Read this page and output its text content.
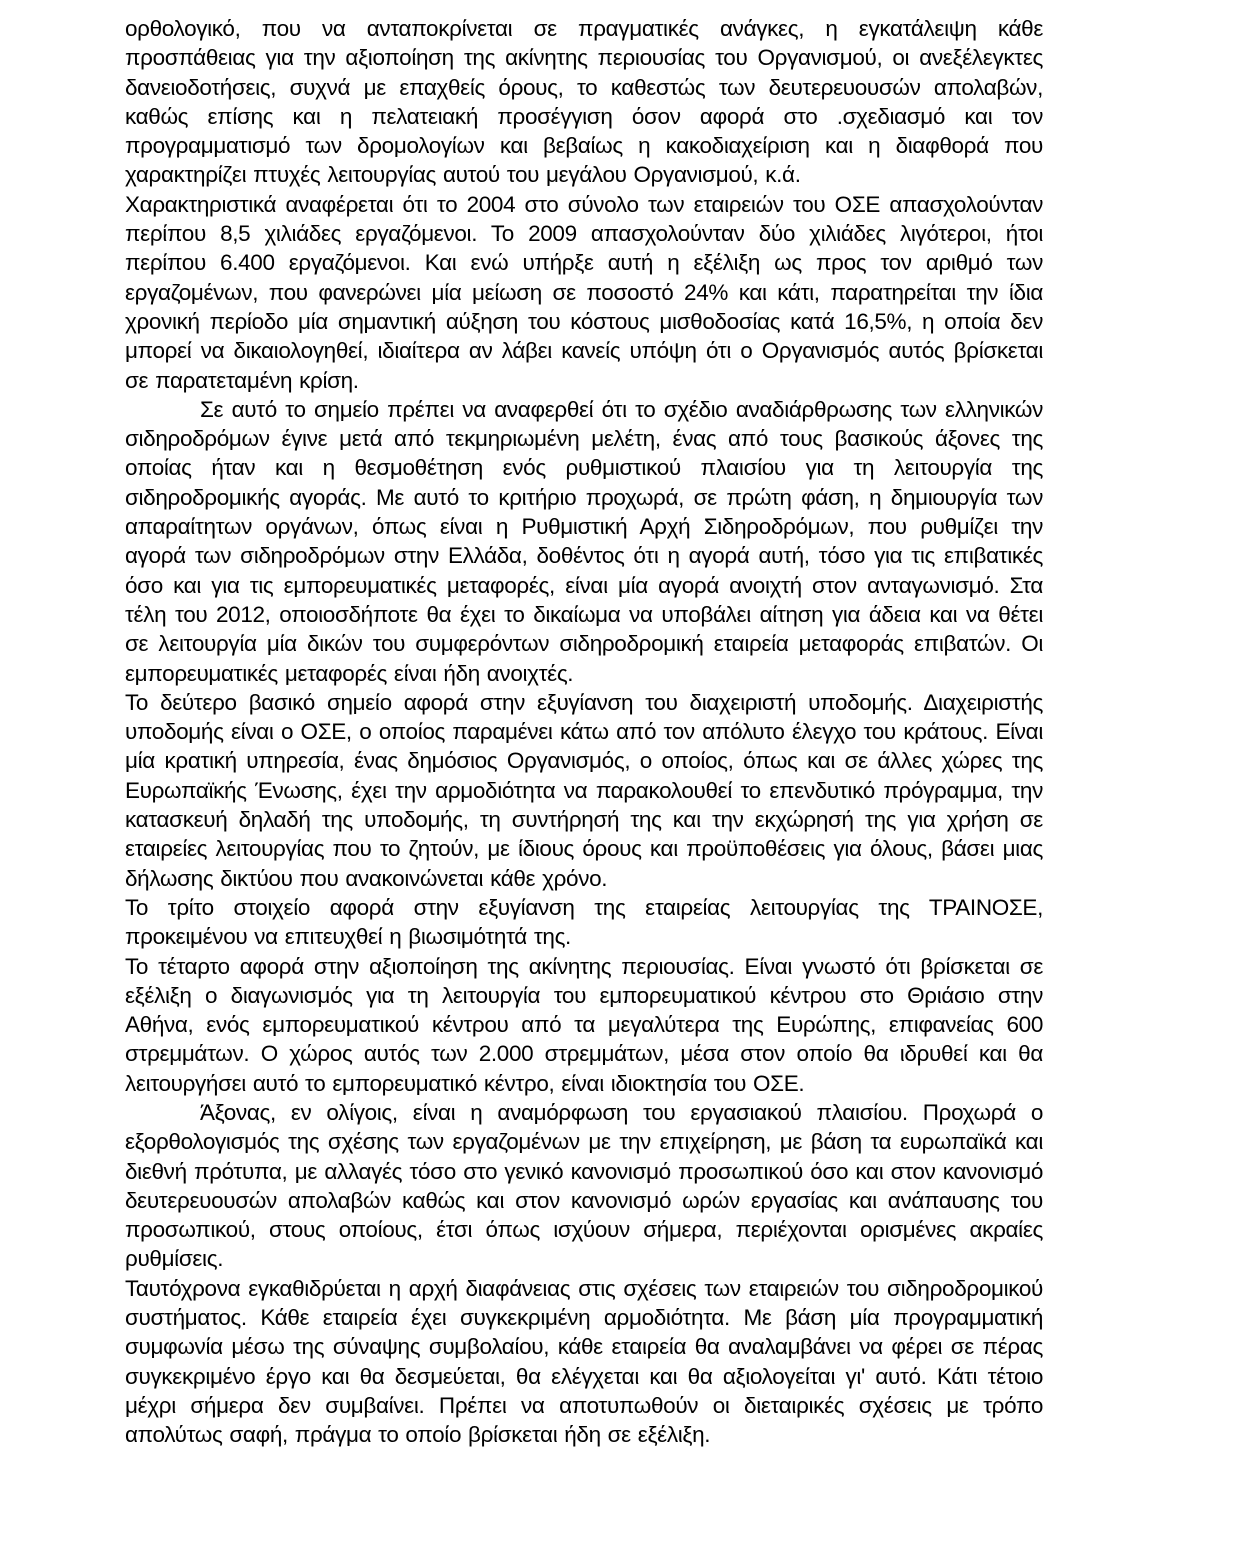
ορθολογικό, που να ανταποκρίνεται σε πραγματικές ανάγκες, η εγκατάλειψη κάθε προσπάθειας για την αξιοποίηση της ακίνητης περιουσίας του Οργανισμού, οι ανεξέλεγκτες δανειοδοτήσεις, συχνά με επαχθείς όρους, το καθεστώς των δευτερευουσών απολαβών, καθώς επίσης και η πελατειακή προσέγγιση όσον αφορά στο .σχεδιασμό και τον προγραμματισμό των δρομολογίων και βεβαίως η κακοδιαχείριση και η διαφθορά που χαρακτηρίζει πτυχές λειτουργίας αυτού του μεγάλου Οργανισμού, κ.ά.

Χαρακτηριστικά αναφέρεται ότι το 2004 στο σύνολο των εταιρειών του ΟΣΕ απασχολούνταν περίπου 8,5 χιλιάδες εργαζόμενοι. Το 2009 απασχολούνταν δύο χιλιάδες λιγότεροι, ήτοι περίπου 6.400 εργαζόμενοι. Και ενώ υπήρξε αυτή η εξέλιξη ως προς τον αριθμό των εργαζομένων, που φανερώνει μία μείωση σε ποσοστό 24% και κάτι, παρατηρείται την ίδια χρονική περίοδο μία σημαντική αύξηση του κόστους μισθοδοσίας κατά 16,5%, η οποία δεν μπορεί να δικαιολογηθεί, ιδιαίτερα αν λάβει κανείς υπόψη ότι ο Οργανισμός αυτός βρίσκεται σε παρατεταμένη κρίση.

Σε αυτό το σημείο πρέπει να αναφερθεί ότι το σχέδιο αναδιάρθρωσης των ελληνικών σιδηροδρόμων έγινε μετά από τεκμηριωμένη μελέτη, ένας από τους βασικούς άξονες της οποίας ήταν και η θεσμοθέτηση ενός ρυθμιστικού πλαισίου για τη λειτουργία της σιδηροδρομικής αγοράς. Με αυτό το κριτήριο προχωρά, σε πρώτη φάση, η δημιουργία των απαραίτητων οργάνων, όπως είναι η Ρυθμιστική Αρχή Σιδηροδρόμων, που ρυθμίζει την αγορά των σιδηροδρόμων στην Ελλάδα, δοθέντος ότι η αγορά αυτή, τόσο για τις επιβατικές όσο και για τις εμπορευματικές μεταφορές, είναι μία αγορά ανοιχτή στον ανταγωνισμό. Στα τέλη του 2012, οποιοσδήποτε θα έχει το δικαίωμα να υποβάλει αίτηση για άδεια και να θέτει σε λειτουργία μία δικών του συμφερόντων σιδηροδρομική εταιρεία μεταφοράς επιβατών. Οι εμπορευματικές μεταφορές είναι ήδη ανοιχτές.

Το δεύτερο βασικό σημείο αφορά στην εξυγίανση του διαχειριστή υποδομής. Διαχειριστής υποδομής είναι ο ΟΣΕ, ο οποίος παραμένει κάτω από τον απόλυτο έλεγχο του κράτους. Είναι μία κρατική υπηρεσία, ένας δημόσιος Οργανισμός, ο οποίος, όπως και σε άλλες χώρες της Ευρωπαϊκής Ένωσης, έχει την αρμοδιότητα να παρακολουθεί το επενδυτικό πρόγραμμα, την κατασκευή δηλαδή της υποδομής, τη συντήρησή της και την εκχώρησή της για χρήση σε εταιρείες λειτουργίας που το ζητούν, με ίδιους όρους και προϋποθέσεις για όλους, βάσει μιας δήλωσης δικτύου που ανακοινώνεται κάθε χρόνο.

Το τρίτο στοιχείο αφορά στην εξυγίανση της εταιρείας λειτουργίας της ΤΡΑΙΝΟΣΕ, προκειμένου να επιτευχθεί η βιωσιμότητά της.

Το τέταρτο αφορά στην αξιοποίηση της ακίνητης περιουσίας. Είναι γνωστό ότι βρίσκεται σε εξέλιξη ο διαγωνισμός για τη λειτουργία του εμπορευματικού κέντρου στο Θριάσιο στην Αθήνα, ενός εμπορευματικού κέντρου από τα μεγαλύτερα της Ευρώπης, επιφανείας 600 στρεμμάτων. Ο χώρος αυτός των 2.000 στρεμμάτων, μέσα στον οποίο θα ιδρυθεί και θα λειτουργήσει αυτό το εμπορευματικό κέντρο, είναι ιδιοκτησία του ΟΣΕ.

Άξονας, εν ολίγοις, είναι η αναμόρφωση του εργασιακού πλαισίου. Προχωρά ο εξορθολογισμός της σχέσης των εργαζομένων με την επιχείρηση, με βάση τα ευρωπαϊκά και διεθνή πρότυπα, με αλλαγές τόσο στο γενικό κανονισμό προσωπικού όσο και στον κανονισμό δευτερευουσών απολαβών καθώς και στον κανονισμό ωρών εργασίας και ανάπαυσης του προσωπικού, στους οποίους, έτσι όπως ισχύουν σήμερα, περιέχονται ορισμένες ακραίες ρυθμίσεις.

Ταυτόχρονα εγκαθιδρύεται η αρχή διαφάνειας στις σχέσεις των εταιρειών του σιδηροδρομικού συστήματος. Κάθε εταιρεία έχει συγκεκριμένη αρμοδιότητα. Με βάση μία προγραμματική συμφωνία μέσω της σύναψης συμβολαίου, κάθε εταιρεία θα αναλαμβάνει να φέρει σε πέρας συγκεκριμένο έργο και θα δεσμεύεται, θα ελέγχεται και θα αξιολογείται γι' αυτό. Κάτι τέτοιο μέχρι σήμερα δεν συμβαίνει. Πρέπει να αποτυπωθούν οι διεταιρικές σχέσεις με τρόπο απολύτως σαφή, πράγμα το οποίο βρίσκεται ήδη σε εξέλιξη.
